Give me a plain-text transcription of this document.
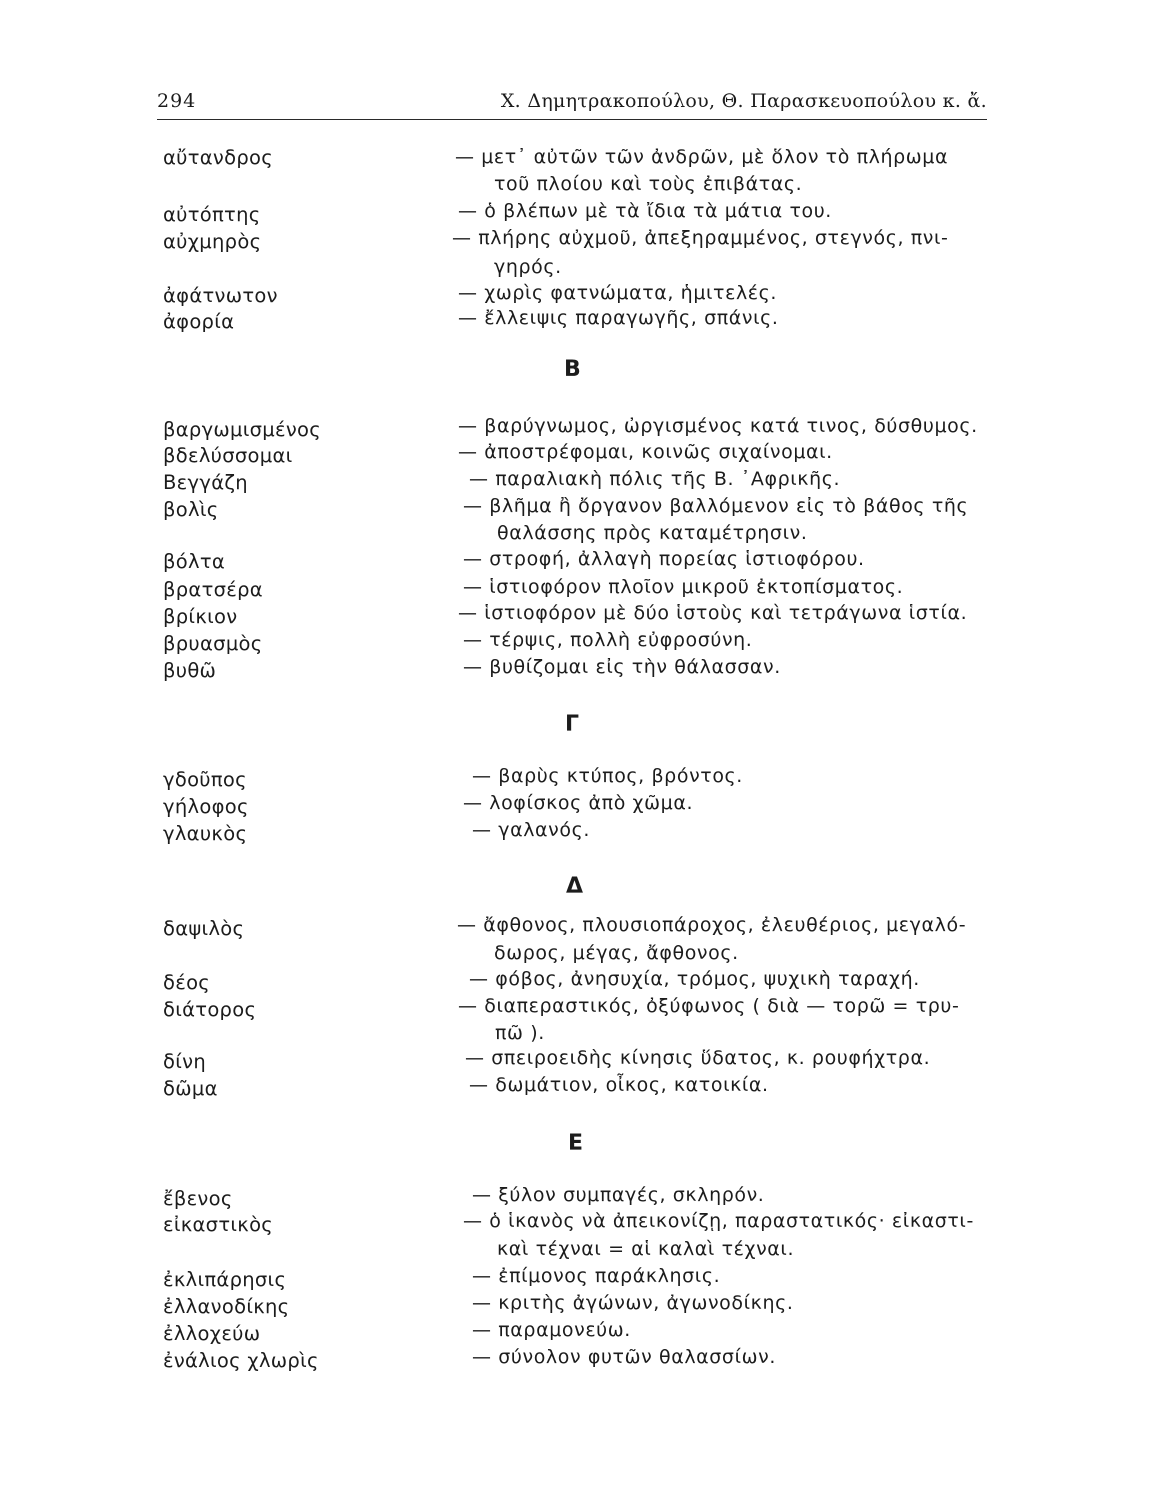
294	Χ. Δημητρακοπούλου, Θ. Παρασκευοπούλου κ. ἄ.
αὔτανδρος	— μετ᾽ αὐτῶν τῶν ἀνδρῶν, μὲ ὅλον τὸ πλήρωμα
τοῦ πλοίου καὶ τοὺς ἐπιβάτας.
αὐτόπτης	— ὁ βλέπων μὲ τὰ ἴδια τὰ μάτια του.
αὐχμηρὸς	— πλήρης αὐχμοῦ, ἀπεξηραμμένος, στεγνός, πνι-
γηρός.
ἀφάτνωτον	— χωρὶς φατνώματα, ἡμιτελές.
ἀφορία	— ἔλλειψις παραγωγῆς, σπάνις.
Β
βαργωμισμένος	— βαρύγνωμος, ὠργισμένος κατά τινος, δύσθυμος.
βδελύσσομαι	— ἀποστρέφομαι, κοινῶς σιχαίνομαι.
Βεγγάζη	— παραλιακὴ πόλις τῆς Β. ᾽Αφρικῆς.
βολὶς	— βλῆμα ἢ ὄργανον βαλλόμενον εἰς τὸ βάθος τῆς
θαλάσσης πρὸς καταμέτρησιν.
βόλτα	— στροφή, ἀλλαγὴ πορείας ἱστιοφόρου.
βρατσέρα	— ἱστιοφόρον πλοῖον μικροῦ ἐκτοπίσματος.
βρίκιον	— ἱστιοφόρον μὲ δύο ἱστοὺς καὶ τετράγωνα ἱστία.
βρυασμὸς	— τέρψις, πολλὴ εὐφροσύνη.
βυθῶ	— βυθίζομαι εἰς τὴν θάλασσαν.
Γ
γδοῦπος	— βαρὺς κτύπος, βρόντος.
γήλοφος	— λοφίσκος ἀπὸ χῶμα.
γλαυκὸς	— γαλανός.
Δ
δαψιλὸς	— ἄφθονος, πλουσιοπάροχος, ἐλευθέριος, μεγαλό-
δωρος, μέγας, ἄφθονος.
δέος	— φόβος, ἀνησυχία, τρόμος, ψυχικὴ ταραχή.
διάτορος	— διαπεραστικός, ὀξύφωνος ( διὰ — τορῶ = τρυ-
πῶ ).
δίνη	— σπειροειδὴς κίνησις ὕδατος, κ. ρουφήχτρα.
δῶμα	— δωμάτιον, οἶκος, κατοικία.
Ε
ἔβενος	— ξύλον συμπαγές, σκληρόν.
εἰκαστικὸς	— ὁ ἱκανὸς νὰ ἀπεικονίζῃ, παραστατικός· εἰκαστι-
καὶ τέχναι = αἱ καλαὶ τέχναι.
ἐκλιπάρησις	— ἐπίμονος παράκλησις.
ἐλλανοδίκης	— κριτὴς ἀγώνων, ἀγωνοδίκης.
ἐλλοχεύω	— παραμονεύω.
ἐνάλιος χλωρὶς	— σύνολον φυτῶν θαλασσίων.
